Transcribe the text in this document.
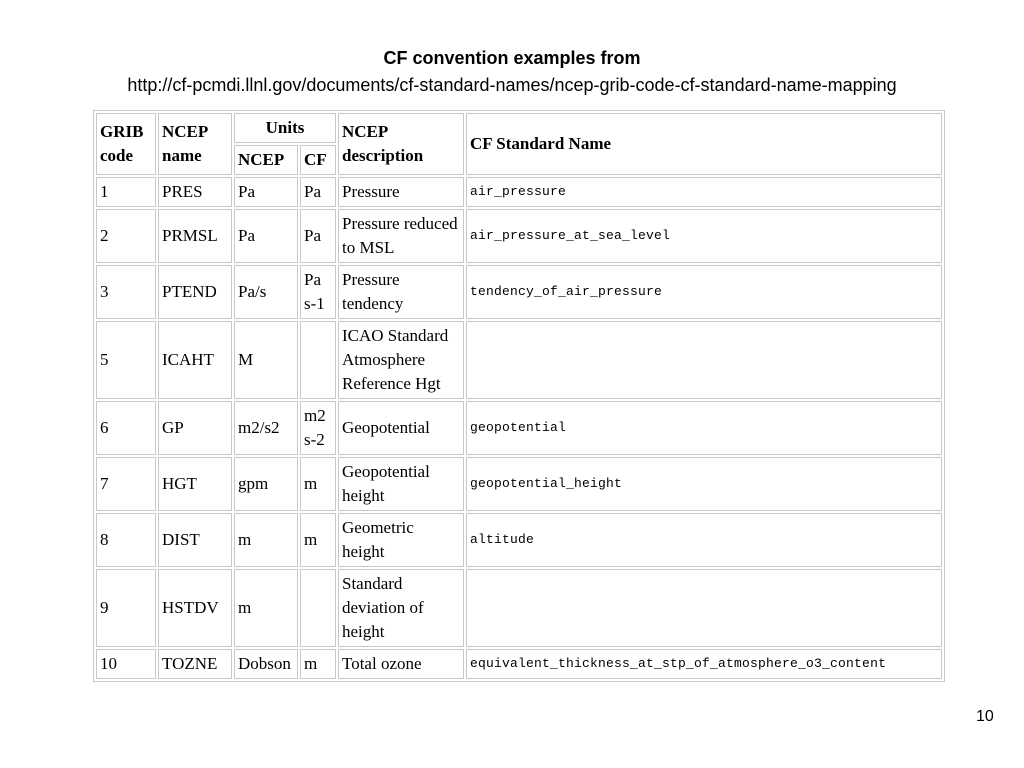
CF convention examples from
http://cf-pcmdi.llnl.gov/documents/cf-standard-names/ncep-grib-code-cf-standard-name-mapping
GRIB code	NCEP name	Units		NCEP description	CF Standard Name
		NCEP	CF		
1	PRES	Pa	Pa	Pressure	air_pressure
2	PRMSL	Pa	Pa	Pressure reduced to MSL	air_pressure_at_sea_level
3	PTEND	Pa/s	Pa s-1	Pressure tendency	tendency_of_air_pressure
5	ICAHT	M		ICAO Standard Atmosphere Reference Hgt	
6	GP	m2/s2	m2 s-2	Geopotential	geopotential
7	HGT	gpm	m	Geopotential height	geopotential_height
8	DIST	m	m	Geometric height	altitude
9	HSTDV	m		Standard deviation of height	
10	TOZNE	Dobson	m	Total ozone	equivalent_thickness_at_stp_of_atmosphere_o3_content
10
